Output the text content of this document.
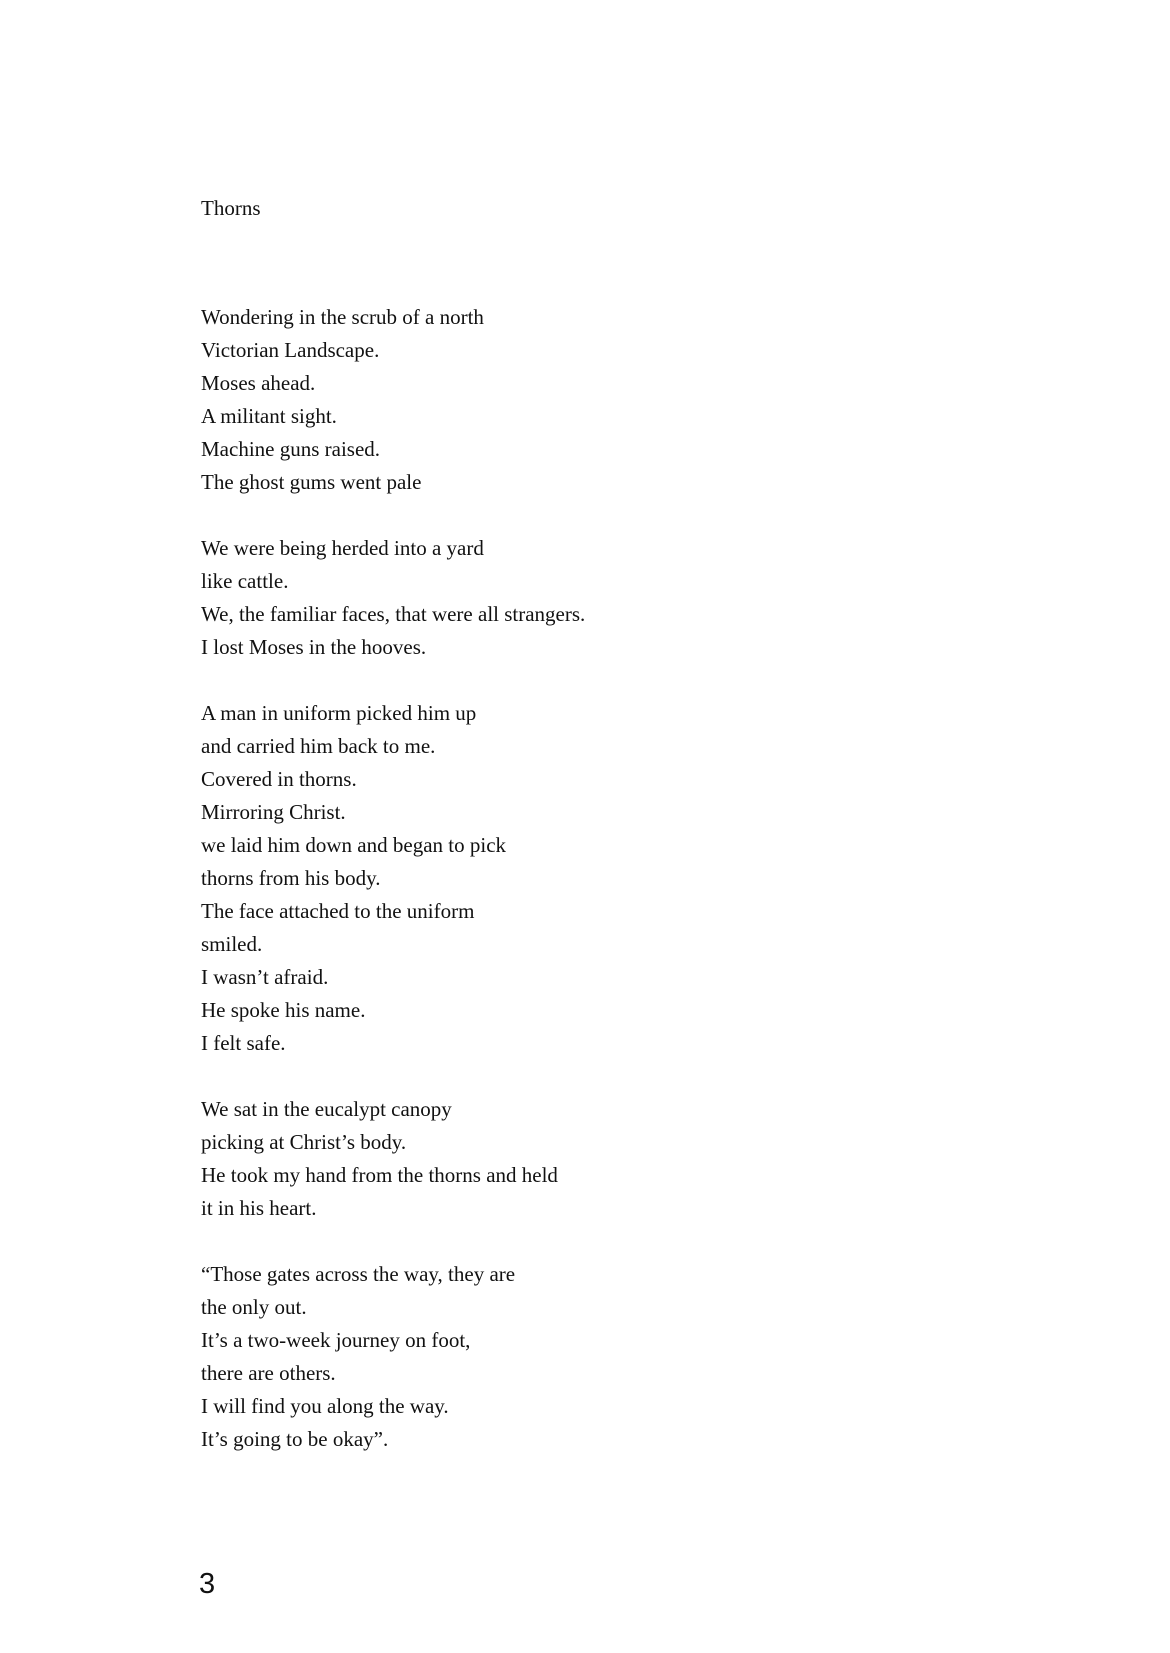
Thorns
Wondering in the scrub of a north
Victorian Landscape.
Moses ahead.
A militant sight.
Machine guns raised.
The ghost gums went pale
We were being herded into a yard
like cattle.
We, the familiar faces, that were all strangers.
I lost Moses in the hooves.
A man in uniform picked him up
and carried him back to me.
Covered in thorns.
Mirroring Christ.
we laid him down and began to pick
thorns from his body.
The face attached to the uniform
smiled.
I wasn’t afraid.
He spoke his name.
I felt safe.
We sat in the eucalypt canopy
picking at Christ’s body.
He took my hand from the thorns and held
it in his heart.
“Those gates across the way, they are
the only out.
It’s a two-week journey on foot,
there are others.
I will find you along the way.
It’s going to be okay”.
3
